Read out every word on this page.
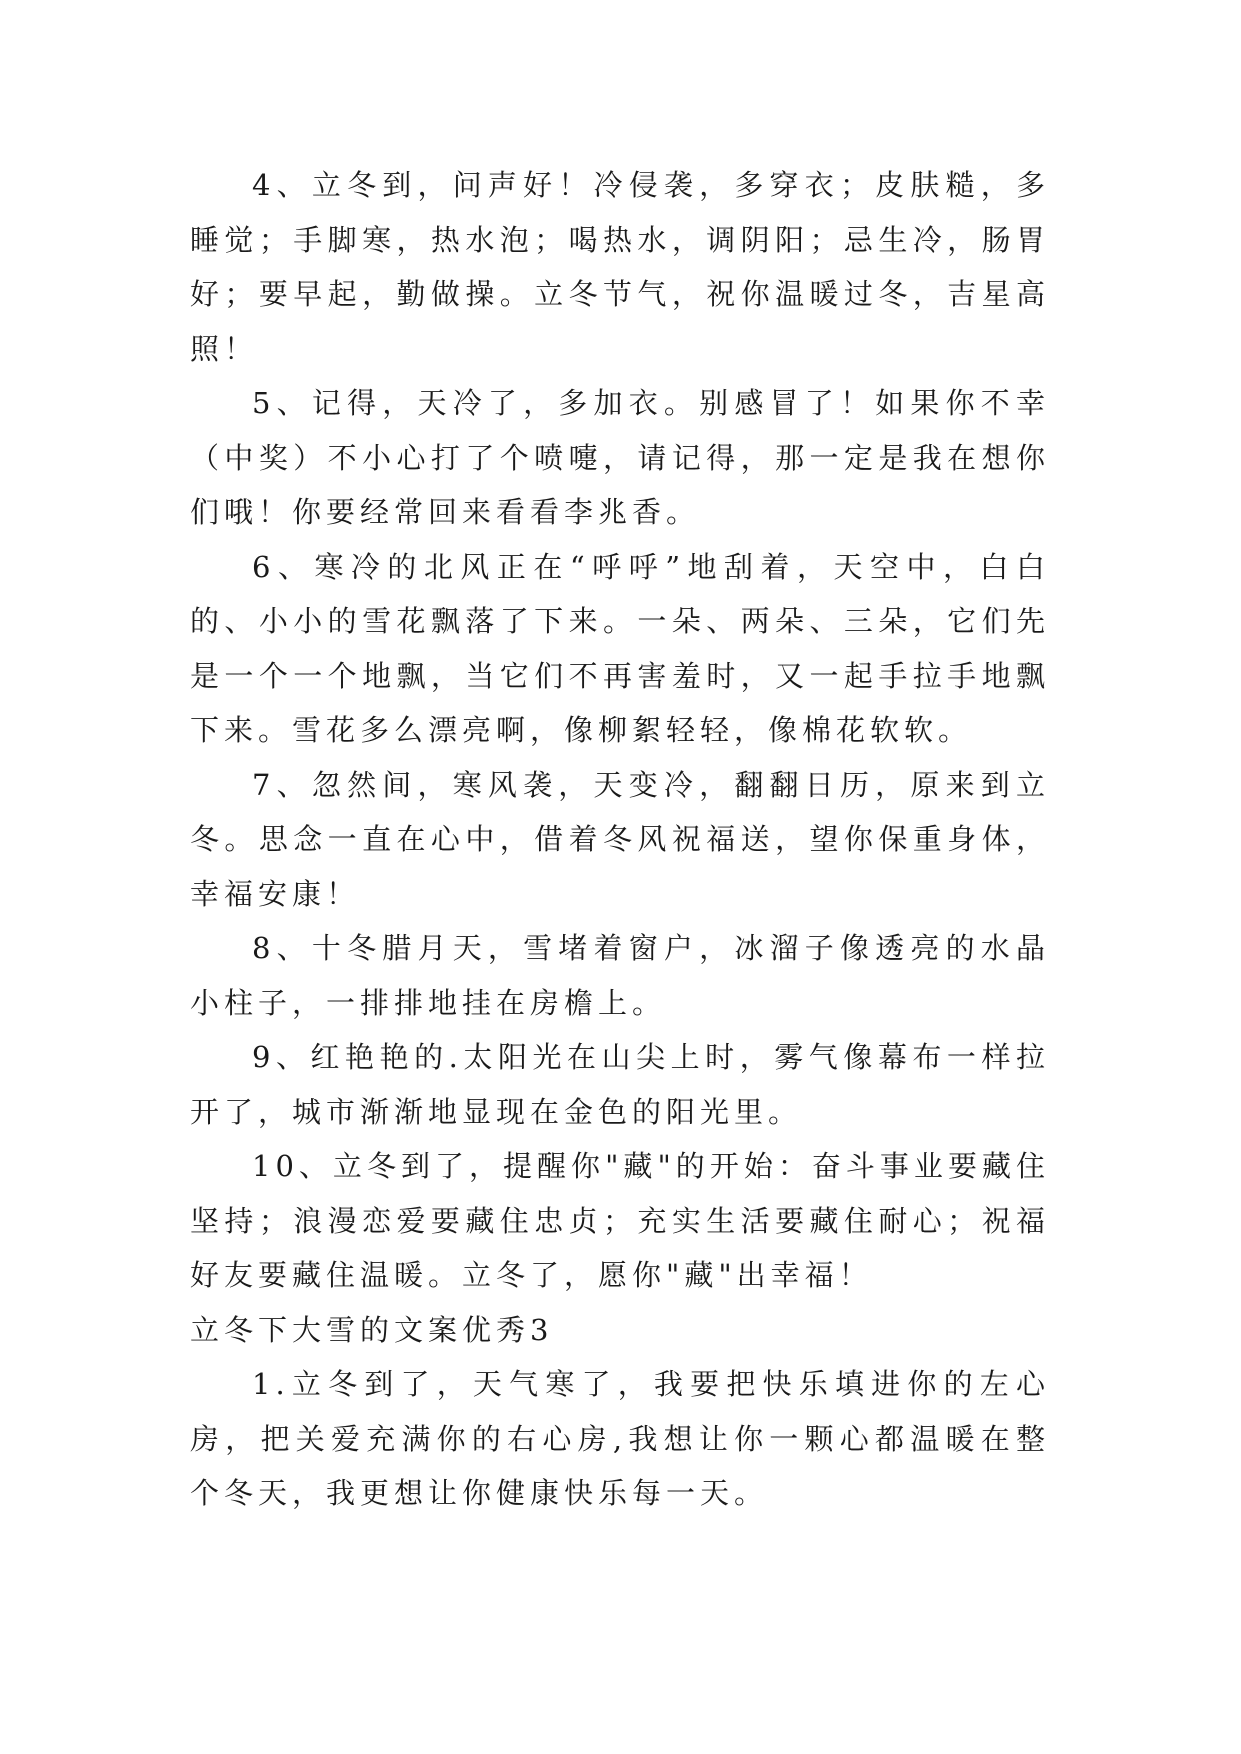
4、立冬到，问声好！冷侵袭，多穿衣；皮肤糙，多睡觉；手脚寒，热水泡；喝热水，调阴阳；忌生冷，肠胃好；要早起，勤做操。立冬节气，祝你温暖过冬，吉星高照！

5、记得，天冷了，多加衣。别感冒了！如果你不幸（中奖）不小心打了个喷嚏，请记得，那一定是我在想你们哦！你要经常回来看看李兆香。

6、寒冷的北风正在“呼呼”地刮着，天空中，白白的、小小的雪花飘落了下来。一朵、两朵、三朵，它们先是一个一个地飘，当它们不再害羞时，又一起手拉手地飘下来。雪花多么漂亮啊，像柳絮轻轻，像棉花软软。

7、忽然间，寒风袭，天变冷，翻翻日历，原来到立冬。思念一直在心中，借着冬风祝福送，望你保重身体，幸福安康！

8、十冬腊月天，雪堵着窗户，冰溜子像透亮的水晶小柱子，一排排地挂在房檐上。

9、红艳艳的.太阳光在山尖上时，雾气像幕布一样拉开了，城市渐渐地显现在金色的阳光里。

10、立冬到了，提醒你"藏"的开始：奋斗事业要藏住坚持；浪漫恋爱要藏住忠贞；充实生活要藏住耐心；祝福好友要藏住温暖。立冬了，愿你"藏"出幸福！

立冬下大雪的文案优秀3

1.立冬到了，天气寒了，我要把快乐填进你的左心房，把关爱充满你的右心房,我想让你一颗心都温暖在整个冬天，我更想让你健康快乐每一天。
